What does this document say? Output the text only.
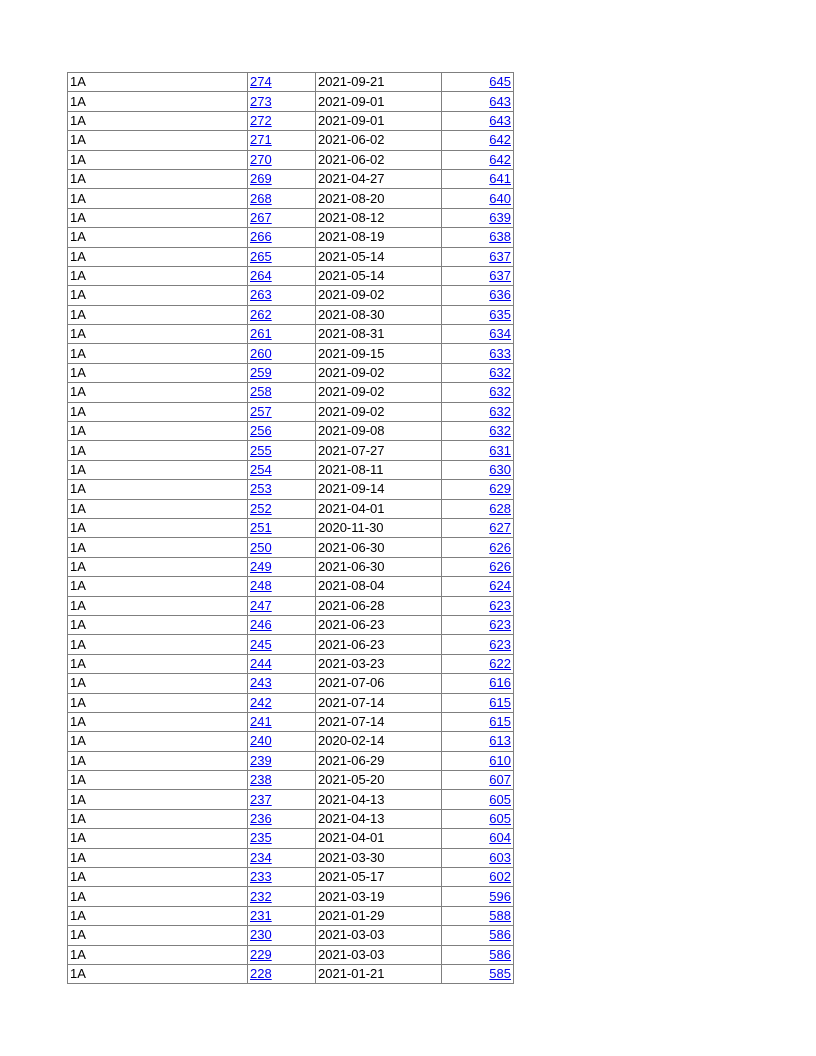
1A	274	2021-09-21	645
1A	273	2021-09-01	643
1A	272	2021-09-01	643
1A	271	2021-06-02	642
1A	270	2021-06-02	642
1A	269	2021-04-27	641
1A	268	2021-08-20	640
1A	267	2021-08-12	639
1A	266	2021-08-19	638
1A	265	2021-05-14	637
1A	264	2021-05-14	637
1A	263	2021-09-02	636
1A	262	2021-08-30	635
1A	261	2021-08-31	634
1A	260	2021-09-15	633
1A	259	2021-09-02	632
1A	258	2021-09-02	632
1A	257	2021-09-02	632
1A	256	2021-09-08	632
1A	255	2021-07-27	631
1A	254	2021-08-11	630
1A	253	2021-09-14	629
1A	252	2021-04-01	628
1A	251	2020-11-30	627
1A	250	2021-06-30	626
1A	249	2021-06-30	626
1A	248	2021-08-04	624
1A	247	2021-06-28	623
1A	246	2021-06-23	623
1A	245	2021-06-23	623
1A	244	2021-03-23	622
1A	243	2021-07-06	616
1A	242	2021-07-14	615
1A	241	2021-07-14	615
1A	240	2020-02-14	613
1A	239	2021-06-29	610
1A	238	2021-05-20	607
1A	237	2021-04-13	605
1A	236	2021-04-13	605
1A	235	2021-04-01	604
1A	234	2021-03-30	603
1A	233	2021-05-17	602
1A	232	2021-03-19	596
1A	231	2021-01-29	588
1A	230	2021-03-03	586
1A	229	2021-03-03	586
1A	228	2021-01-21	585
